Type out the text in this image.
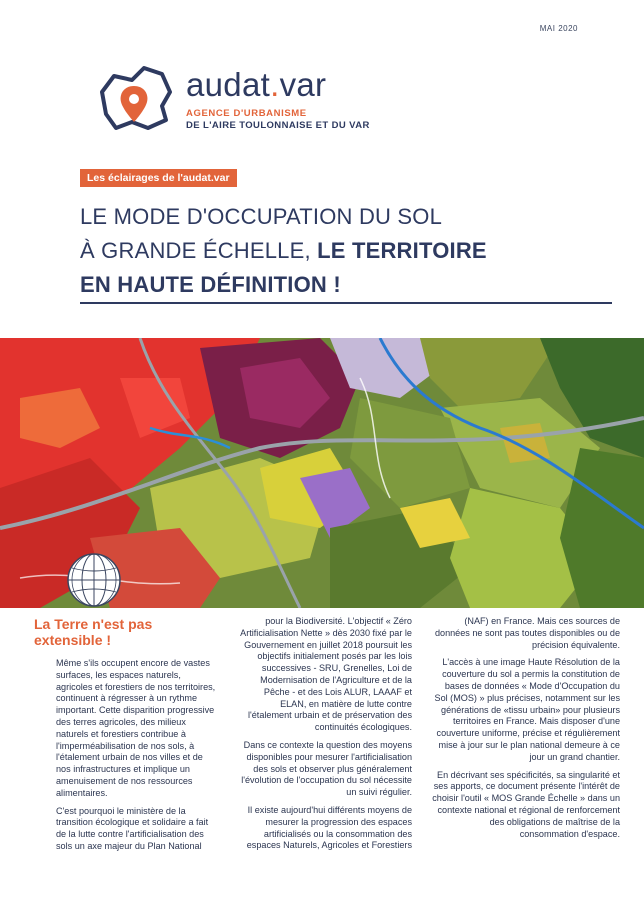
MAI 2020
audat.var
AGENCE D'URBANISME
DE L'AIRE TOULONNAISE ET DU VAR
Les éclairages de l'audat.var
LE MODE D'OCCUPATION DU SOL
À GRANDE ÉCHELLE, LE TERRITOIRE
EN HAUTE DÉFINITION !
La Terre n'est pas extensible !

Même s'ils occupent encore de vastes surfaces, les espaces naturels, agricoles et forestiers de nos territoires, continuent à régresser à un rythme important. Cette disparition progressive des terres agricoles, des milieux naturels et forestiers contribue à l'imperméabilisation de nos sols, à l'étalement urbain de nos villes et de nos infrastructures et implique un amenuisement de nos ressources alimentaires.

C'est pourquoi le ministère de la transition écologique et solidaire a fait de la lutte contre l'artificialisation des sols un axe majeur du Plan National

pour la Biodiversité. L'objectif « Zéro Artificialisation Nette » dès 2030 fixé par le Gouvernement en juillet 2018 poursuit les objectifs initialement posés par les lois successives - SRU, Grenelles, Loi de Modernisation de l'Agriculture et de la Pêche - et des Lois ALUR, LAAAF et ELAN, en matière de lutte contre l'étalement urbain et de préservation des continuités écologiques.

Dans ce contexte la question des moyens disponibles pour mesurer l'artificialisation des sols et observer plus généralement l'évolution de l'occupation du sol nécessite un suivi régulier.

Il existe aujourd'hui différents moyens de mesurer la progression des espaces artificialisés ou la consommation des espaces Naturels, Agricoles et Forestiers

(NAF) en France. Mais ces sources de données ne sont pas toutes disponibles ou de précision équivalente.

L'accès à une image Haute Résolution de la couverture du sol a permis la constitution de bases de données « Mode d'Occupation du Sol (MOS) » plus précises, notamment sur les générations de «tissu urbain» pour plusieurs territoires en France. Mais disposer d'une couverture uniforme, précise et régulièrement mise à jour sur le plan national demeure à ce jour un grand chantier.

En décrivant ses spécificités, sa singularité et ses apports, ce document présente l'intérêt de choisir l'outil « MOS Grande Échelle » dans un contexte national et régional de renforcement des obligations de maîtrise de la consommation d'espace.
